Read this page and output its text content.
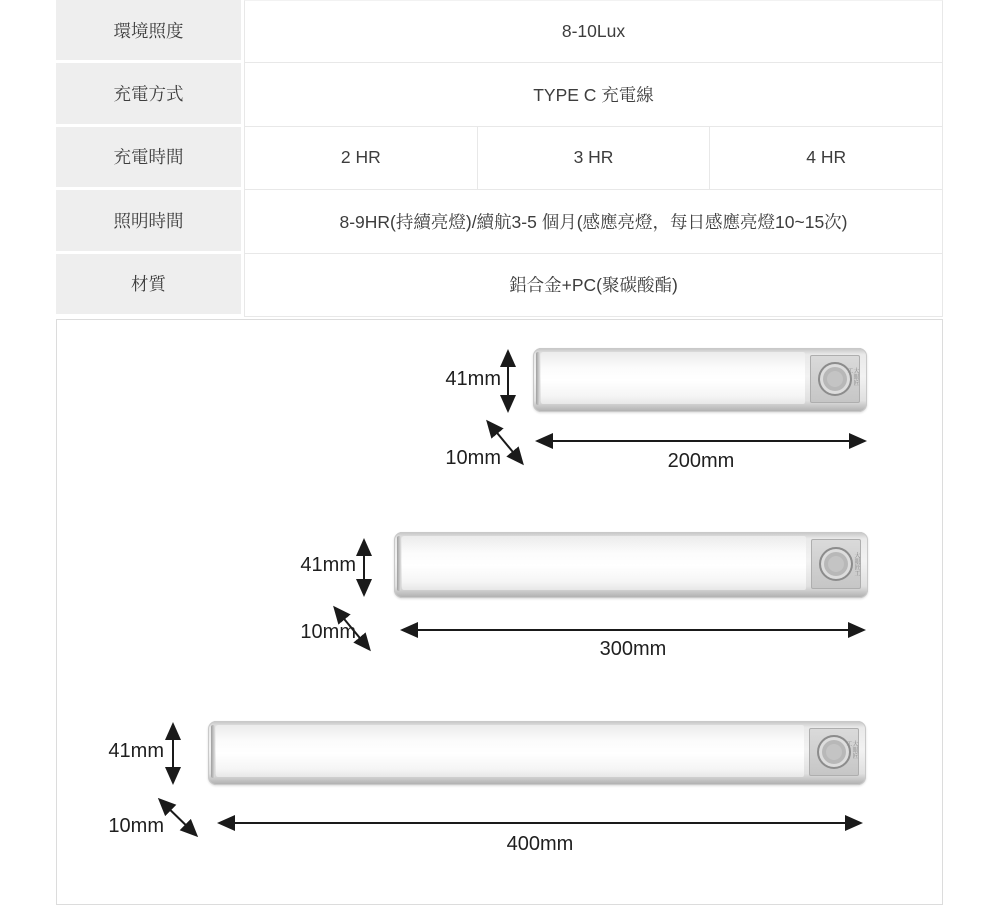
環境照度	8-10Lux
充電方式	TYPE C 充電線
充電時間	2 HR	3 HR	4 HR
照明時間	8-9HR(持續亮燈)/續航3-5 個月(感應亮燈，每日感應亮燈10~15次)
材質	鋁合金+PC(聚碳酸酯)
大眼匠工
41mm
10mm	200mm
大眼匠工
41mm
10mm
300mm
大眼匠工
41mm
10mm
400mm
